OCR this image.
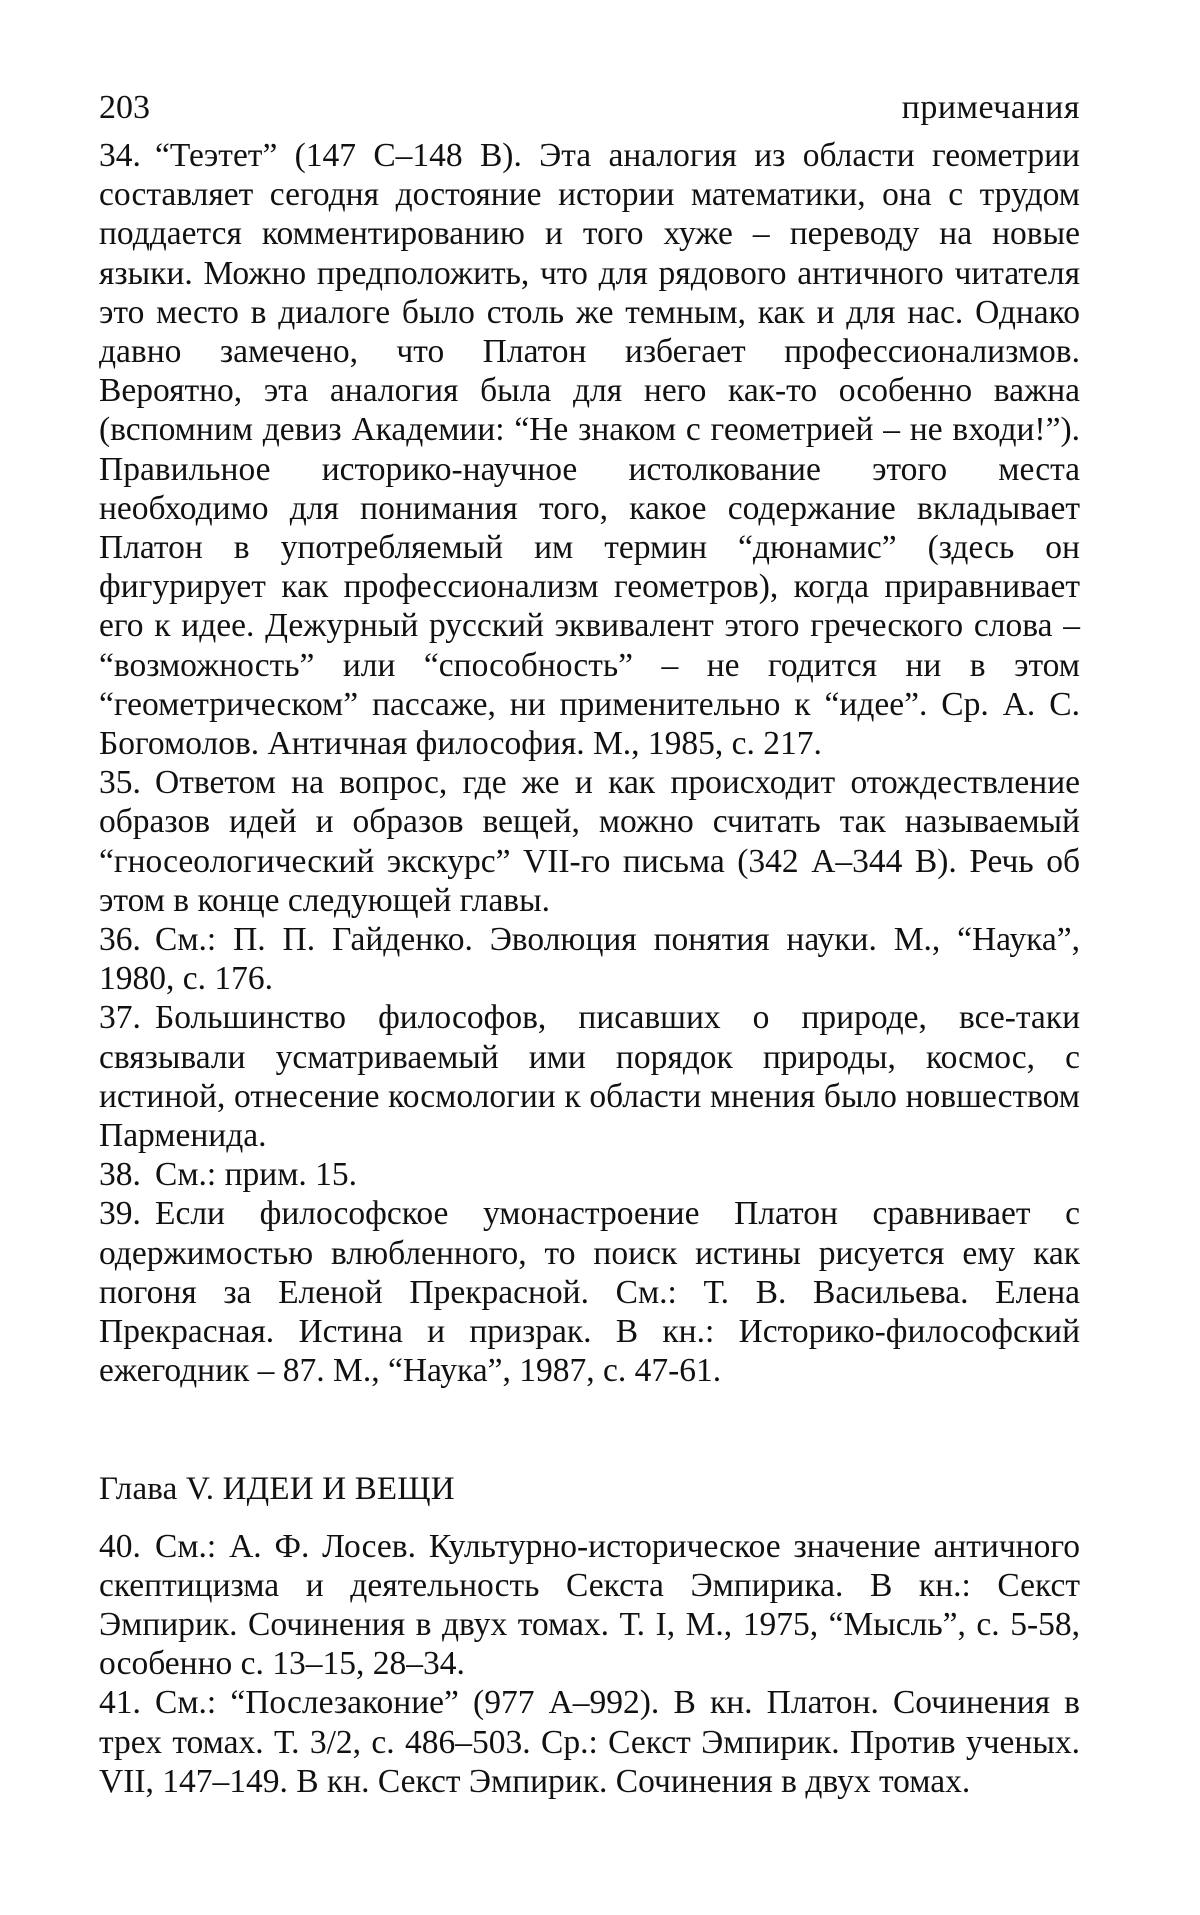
203	примечания

34. “Теэтет” (147 С–148 В). Эта аналогия из области геометрии составляет сегодня достояние истории математики, она с трудом поддается комментированию и того хуже – переводу на новые языки. Можно предположить, что для рядового античного читателя это место в диалоге было столь же темным, как и для нас. Однако давно замечено, что Платон избегает профессионализмов. Вероятно, эта аналогия была для него как-то особенно важна (вспомним девиз Академии: “Не знаком с геометрией – не входи!”). Правильное историко-научное истолкование этого места необходимо для понимания того, какое содержание вкладывает Платон в употребляемый им термин “дюнамис” (здесь он фигурирует как профессионализм геометров), когда приравнивает его к идее. Дежурный русский эквивалент этого греческого слова – “возможность” или “способность” – не годится ни в этом “геометрическом” пассаже, ни применительно к “идее”. Ср. А. С. Богомолов. Античная философия. М., 1985, с. 217.

35. Ответом на вопрос, где же и как происходит отождествление образов идей и образов вещей, можно считать так называемый “гносеологический экскурс” VII-го письма (342 А–344 В). Речь об этом в конце следующей главы.

36. См.: П. П. Гайденко. Эволюция понятия науки. М., “Наука”, 1980, с. 176.

37. Большинство философов, писавших о природе, все-таки связывали усматриваемый ими порядок природы, космос, с истиной, отнесение космологии к области мнения было новшеством Парменида.

38. См.: прим. 15.

39. Если философское умонастроение Платон сравнивает с одержимостью влюбленного, то поиск истины рисуется ему как погоня за Еленой Прекрасной. См.: Т. В. Васильева. Елена Прекрасная. Истина и призрак. В кн.: Историко-философский ежегодник – 87. М., “Наука”, 1987, с. 47-61.

Глава V. ИДЕИ И ВЕЩИ

40. См.: А. Ф. Лосев. Культурно-историческое значение античного скептицизма и деятельность Секста Эмпирика. В кн.: Секст Эмпирик. Сочинения в двух томах. Т. I, М., 1975, “Мысль”, с. 5-58, особенно с. 13–15, 28–34.

41. См.: “Послезаконие” (977 А–992). В кн. Платон. Сочинения в трех томах. Т. 3/2, с. 486–503. Ср.: Секст Эмпирик. Против ученых. VII, 147–149. В кн. Секст Эмпирик. Сочинения в двух томах.
